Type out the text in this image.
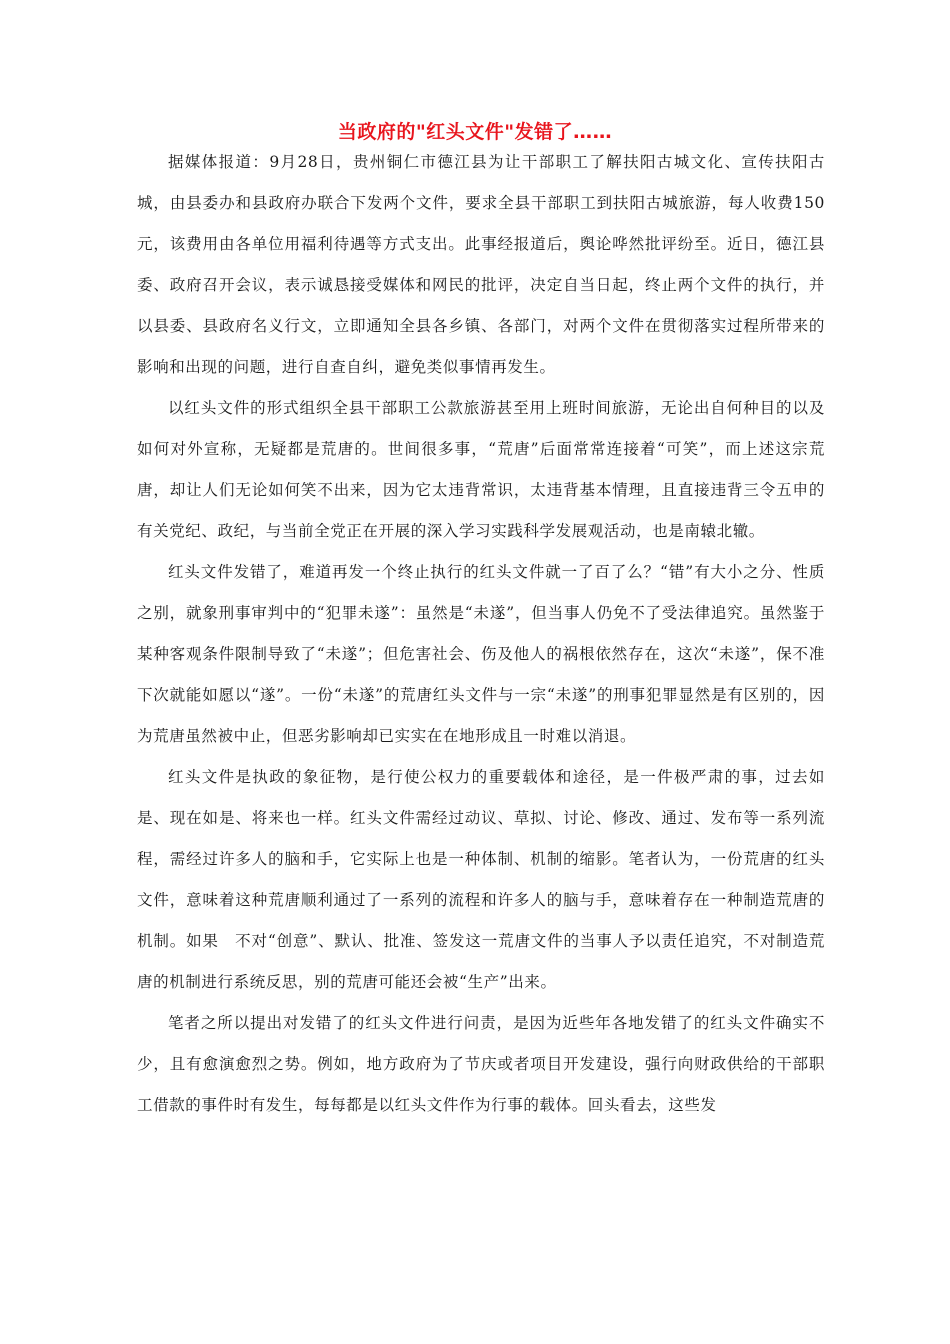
当政府的"红头文件"发错了……

据媒体报道：9月28日，贵州铜仁市德江县为让干部职工了解扶阳古城文化、宣传扶阳古城，由县委办和县政府办联合下发两个文件，要求全县干部职工到扶阳古城旅游，每人收费150元，该费用由各单位用福利待遇等方式支出。此事经报道后，舆论哗然批评纷至。近日，德江县委、政府召开会议，表示诚恳接受媒体和网民的批评，决定自当日起，终止两个文件的执行，并以县委、县政府名义行文，立即通知全县各乡镇、各部门，对两个文件在贯彻落实过程所带来的影响和出现的问题，进行自查自纠，避免类似事情再发生。

以红头文件的形式组织全县干部职工公款旅游甚至用上班时间旅游，无论出自何种目的以及如何对外宣称，无疑都是荒唐的。世间很多事，“荒唐”后面常常连接着“可笑”，而上述这宗荒唐，却让人们无论如何笑不出来，因为它太违背常识，太违背基本情理，且直接违背三令五申的有关党纪、政纪，与当前全党正在开展的深入学习实践科学发展观活动，也是南辕北辙。

红头文件发错了，难道再发一个终止执行的红头文件就一了百了么？“错”有大小之分、性质之别，就象刑事审判中的“犯罪未遂”：虽然是“未遂”，但当事人仍免不了受法律追究。虽然鉴于某种客观条件限制导致了“未遂”；但危害社会、伤及他人的祸根依然存在，这次“未遂”，保不准下次就能如愿以“遂”。一份“未遂”的荒唐红头文件与一宗“未遂”的刑事犯罪显然是有区别的，因为荒唐虽然被中止，但恶劣影响却已实实在在地形成且一时难以消退。

红头文件是执政的象征物，是行使公权力的重要载体和途径，是一件极严肃的事，过去如是、现在如是、将来也一样。红头文件需经过动议、草拟、讨论、修改、通过、发布等一系列流程，需经过许多人的脑和手，它实际上也是一种体制、机制的缩影。笔者认为，一份荒唐的红头文件，意味着这种荒唐顺利通过了一系列的流程和许多人的脑与手，意味着存在一种制造荒唐的机制。如果　不对“创意”、默认、批准、签发这一荒唐文件的当事人予以责任追究，不对制造荒唐的机制进行系统反思，别的荒唐可能还会被“生产”出来。

笔者之所以提出对发错了的红头文件进行问责，是因为近些年各地发错了的红头文件确实不少，且有愈演愈烈之势。例如，地方政府为了节庆或者项目开发建设，强行向财政供给的干部职工借款的事件时有发生，每每都是以红头文件作为行事的载体。回头看去，这些发
